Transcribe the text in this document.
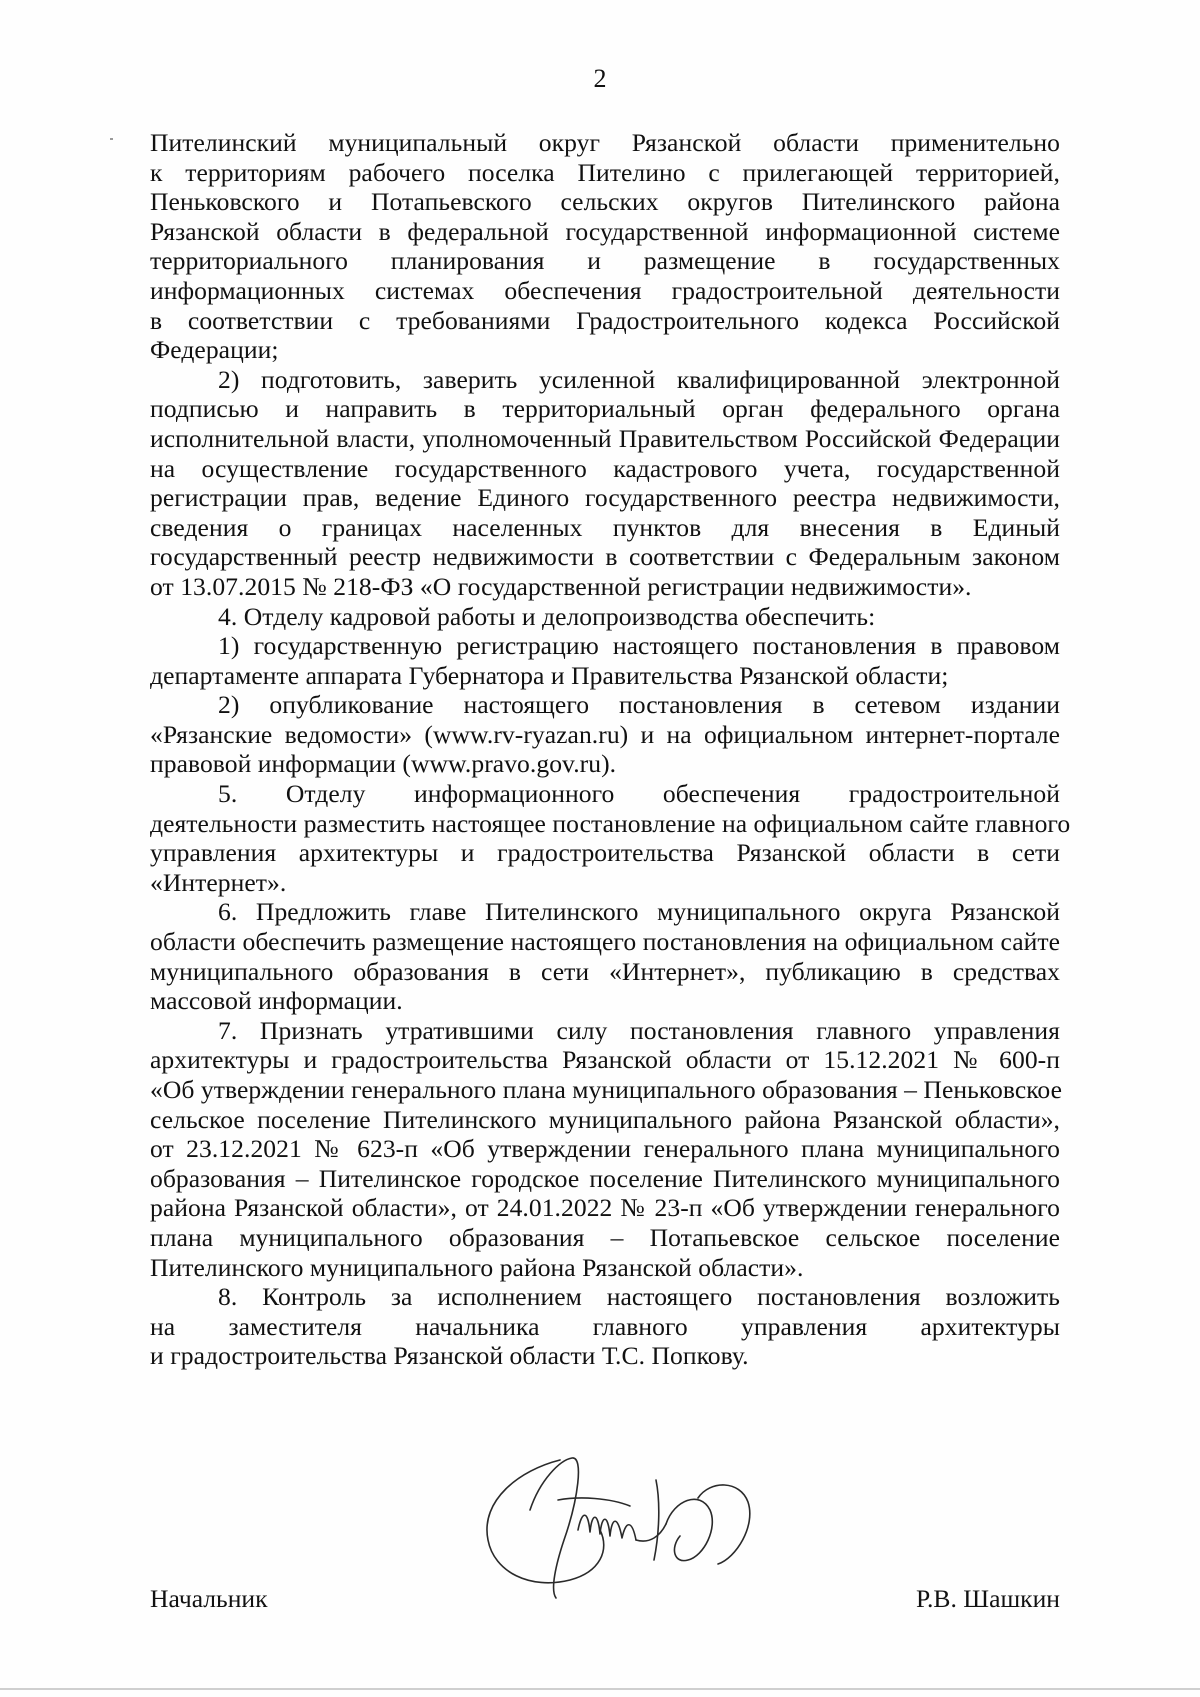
2
Пителинский муниципальный округ Рязанской области применительно
к территориям рабочего поселка Пителино с прилегающей территорией,
Пеньковского и Потапьевского сельских округов Пителинского района
Рязанской области в федеральной государственной информационной системе
территориального планирования и размещение в государственных
информационных системах обеспечения градостроительной деятельности
в соответствии с требованиями Градостроительного кодекса Российской
Федерации;
2) подготовить, заверить усиленной квалифицированной электронной
подписью и направить в территориальный орган федерального органа
исполнительной власти, уполномоченный Правительством Российской Федерации
на осуществление государственного кадастрового учета, государственной
регистрации прав, ведение Единого государственного реестра недвижимости,
сведения о границах населенных пунктов для внесения в Единый
государственный реестр недвижимости в соответствии с Федеральным законом
от 13.07.2015 № 218-ФЗ «О государственной регистрации недвижимости».
4. Отделу кадровой работы и делопроизводства обеспечить:
1) государственную регистрацию настоящего постановления в правовом
департаменте аппарата Губернатора и Правительства Рязанской области;
2) опубликование настоящего постановления в сетевом издании
«Рязанские ведомости» (www.rv-ryazan.ru) и на официальном интернет-портале
правовой информации (www.pravo.gov.ru).
5. Отделу информационного обеспечения градостроительной
деятельности разместить настоящее постановление на официальном сайте главного
управления архитектуры и градостроительства Рязанской области в сети
«Интернет».
6. Предложить главе Пителинского муниципального округа Рязанской
области обеспечить размещение настоящего постановления на официальном сайте
муниципального образования в сети «Интернет», публикацию в средствах
массовой информации.
7. Признать утратившими силу постановления главного управления
архитектуры и градостроительства Рязанской области от 15.12.2021 № 600-п
«Об утверждении генерального плана муниципального образования – Пеньковское
сельское поселение Пителинского муниципального района Рязанской области»,
от 23.12.2021 № 623-п «Об утверждении генерального плана муниципального
образования – Пителинское городское поселение Пителинского муниципального
района Рязанской области», от 24.01.2022 № 23-п «Об утверждении генерального
плана муниципального образования – Потапьевское сельское поселение
Пителинского муниципального района Рязанской области».
8. Контроль за исполнением настоящего постановления возложить
на заместителя начальника главного управления архитектуры
и градостроительства Рязанской области Т.С. Попкову.
Начальник	Р.В. Шашкин
